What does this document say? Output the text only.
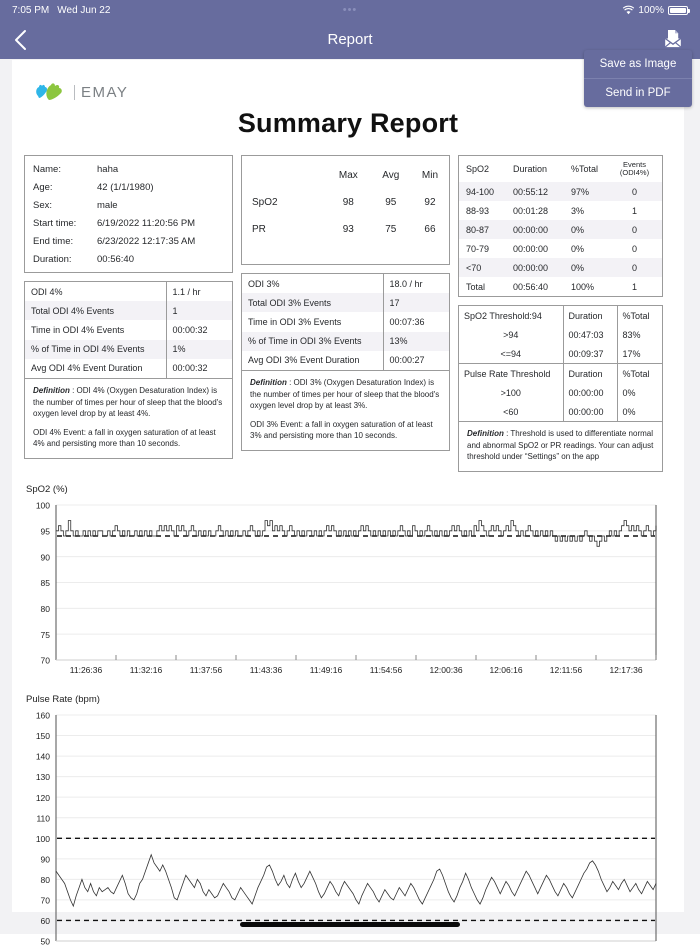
7:05 PM Wed Jun 22	•••	100%
Report
Save as Image
Send in PDF
EMAY
Summary Report
Name:	haha
Age:	42 (1/1/1980)
Sex:	male
Start time:	6/19/2022 11:20:56 PM
End time:	6/23/2022 12:17:35 AM
Duration:	00:56:40
ODI 4%	1.1 / hr
Total ODI 4% Events	1
Time in ODI 4% Events	00:00:32
% of Time in ODI 4% Events	1%
Avg ODI 4% Event Duration	00:00:32

Definition : ODI 4% (Oxygen Desaturation Index) is the number of times per hour of sleep that the blood's oxygen level drop by at least 4%.

ODI 4% Event: a fall in oxygen saturation of at least 4% and persisting more than 10 seconds.

	Max	Avg	Min
SpO2	98	95	92
PR	93	75	66
ODI 3%	18.0 / hr
Total ODI 3% Events	17
Time in ODI 3% Events	00:07:36
% of Time in ODI 3% Events	13%
Avg ODI 3% Event Duration	00:00:27

Definition : ODI 3% (Oxygen Desaturation Index) is the number of times per hour of sleep that the blood's oxygen level drop by at least 3%.

ODI 3% Event: a fall in oxygen saturation of at least 3% and persisting more than 10 seconds.

SpO2	Duration	%Total	Events
(ODI4%)

94-100	00:55:12	97%	0
88-93	00:01:28	3%	1
80-87	00:00:00	0%	0
70-79	00:00:00	0%	0
<70	00:00:00	0%	0
Total	00:56:40	100%	1
SpO2 Threshold:94	Duration	%Total
>94	00:47:03	83%
<=94	00:09:37	17%
Pulse Rate Threshold	Duration	%Total
>100	00:00:00	0%
<60	00:00:00	0%

Definition : Threshold is used to differentiate normal and abnormal SpO2 or PR readings. Your can adjust threshold under “Settings” on the app

SpO2 (%)
70
75
80
85
90
95
100
11:26:36	11:32:16	11:37:56	11:43:36	11:49:16	11:54:56	12:00:36	12:06:16	12:11:56	12:17:36
Pulse Rate (bpm)
50
60
70
80
90
100
110
120
130
140
150
160
